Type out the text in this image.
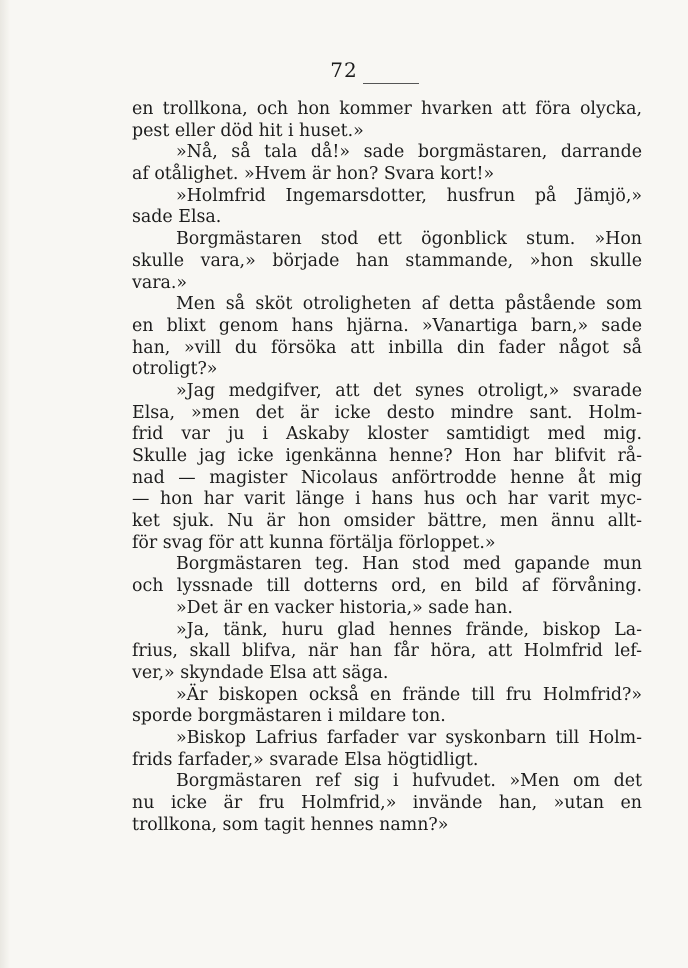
72
en trollkona, och hon kommer hvarken att föra olycka,
pest eller död hit i huset.»
»Nå, så tala då!» sade borgmästaren, darrande
af otålighet. »Hvem är hon? Svara kort!»
»Holmfrid Ingemarsdotter, husfrun på Jämjö,»
sade Elsa.
Borgmästaren stod ett ögonblick stum. »Hon
skulle vara,» började han stammande, »hon skulle
vara.»
Men så sköt otroligheten af detta påstående som
en blixt genom hans hjärna. »Vanartiga barn,» sade
han, »vill du försöka att inbilla din fader något så
otroligt?»
»Jag medgifver, att det synes otroligt,» svarade
Elsa, »men det är icke desto mindre sant. Holm-
frid var ju i Askaby kloster samtidigt med mig.
Skulle jag icke igenkänna henne? Hon har blifvit rå-
nad — magister Nicolaus anförtrodde henne åt mig
— hon har varit länge i hans hus och har varit myc-
ket sjuk. Nu är hon omsider bättre, men ännu allt-
för svag för att kunna förtälja förloppet.»
Borgmästaren teg. Han stod med gapande mun
och lyssnade till dotterns ord, en bild af förvåning.
»Det är en vacker historia,» sade han.
»Ja, tänk, huru glad hennes frände, biskop La-
frius, skall blifva, när han får höra, att Holmfrid lef-
ver,» skyndade Elsa att säga.
»Är biskopen också en frände till fru Holmfrid?»
sporde borgmästaren i mildare ton.
»Biskop Lafrius farfader var syskonbarn till Holm-
frids farfader,» svarade Elsa högtidligt.
Borgmästaren ref sig i hufvudet. »Men om det
nu icke är fru Holmfrid,» invände han, »utan en
trollkona, som tagit hennes namn?»
